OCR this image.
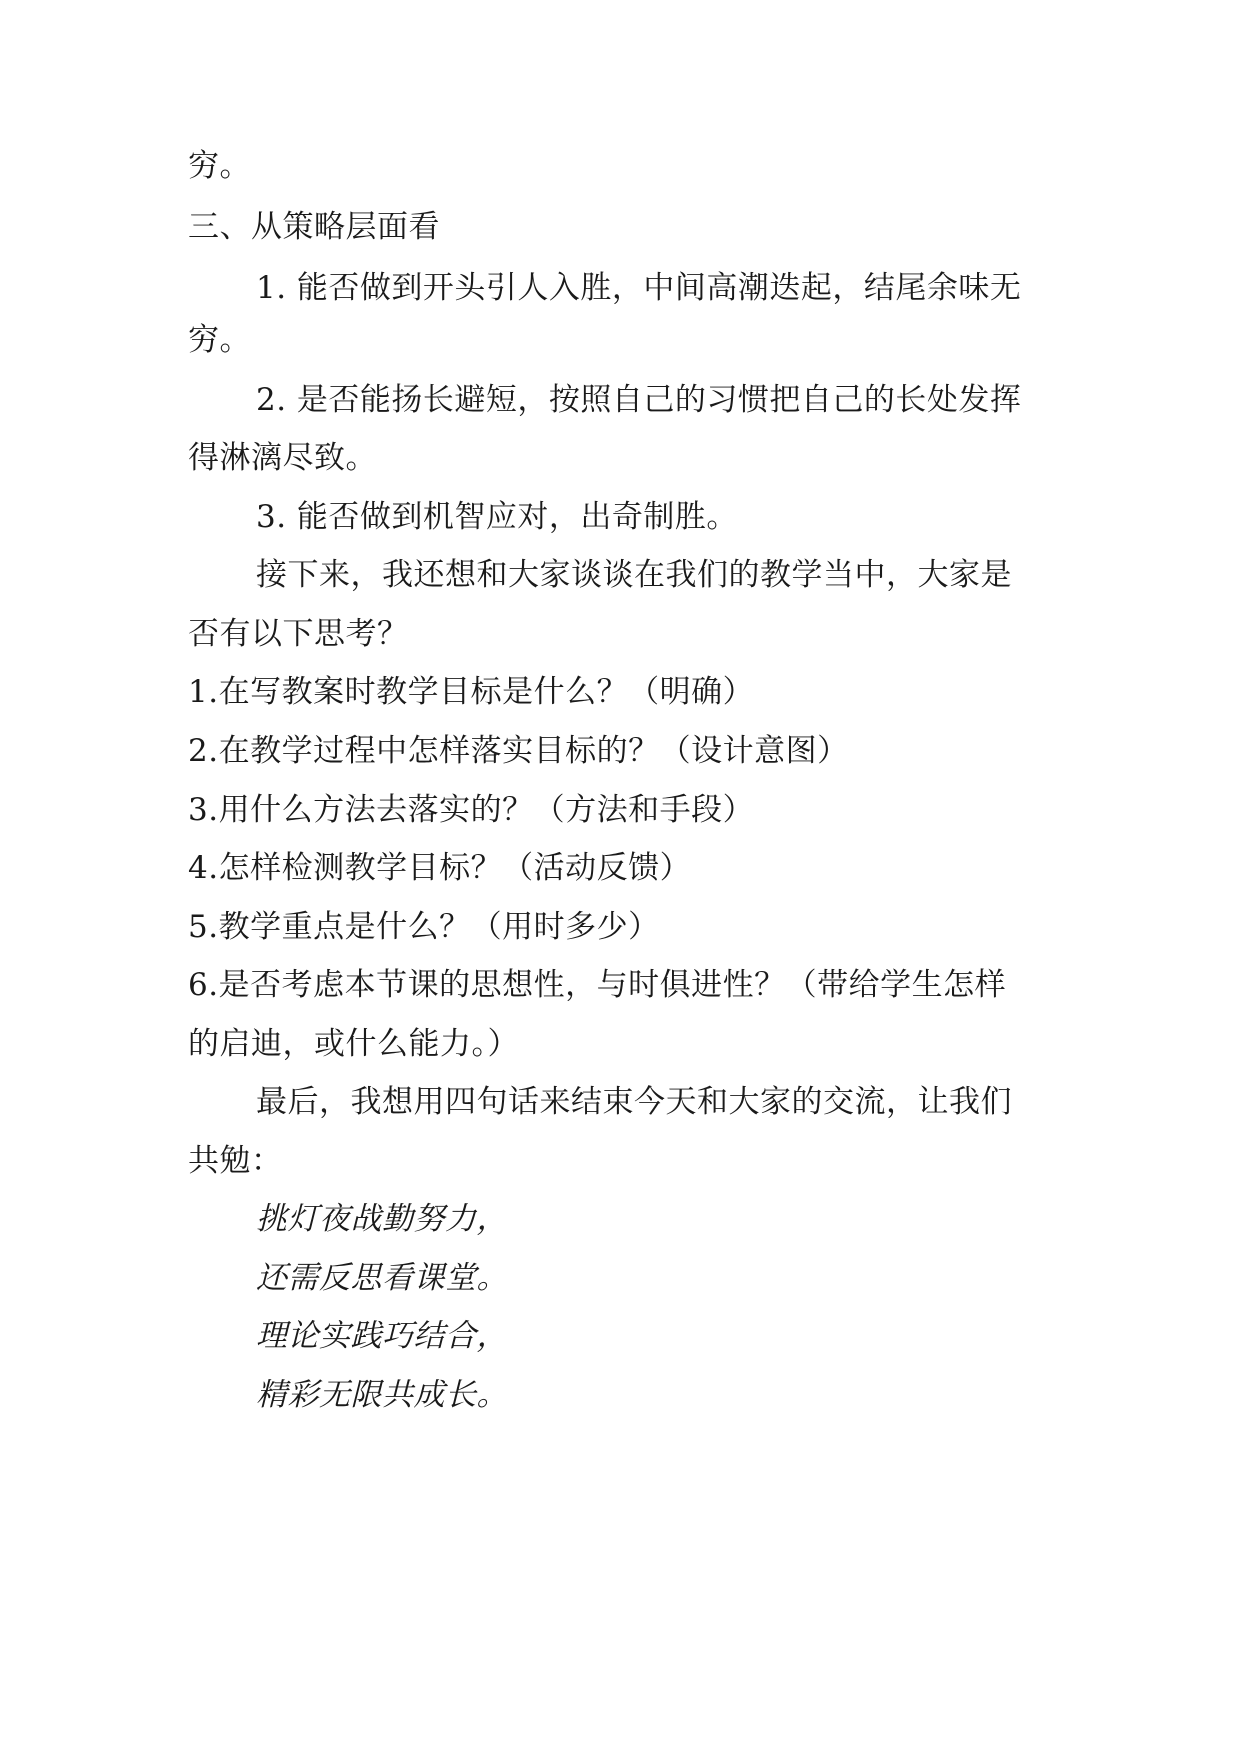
穷。
三、从策略层面看
1. 能否做到开头引人入胜，中间高潮迭起，结尾余味无
穷。
2. 是否能扬长避短，按照自己的习惯把自己的长处发挥
得淋漓尽致。
3. 能否做到机智应对，出奇制胜。
接下来，我还想和大家谈谈在我们的教学当中，大家是
否有以下思考？
1.在写教案时教学目标是什么？（明确）
2.在教学过程中怎样落实目标的？（设计意图）
3.用什么方法去落实的？（方法和手段）
4.怎样检测教学目标？（活动反馈）
5.教学重点是什么？（用时多少）
6.是否考虑本节课的思想性，与时俱进性？（带给学生怎样
的启迪，或什么能力。）
最后，我想用四句话来结束今天和大家的交流，让我们
共勉：
挑灯夜战勤努力，
还需反思看课堂。
理论实践巧结合，
精彩无限共成长。
